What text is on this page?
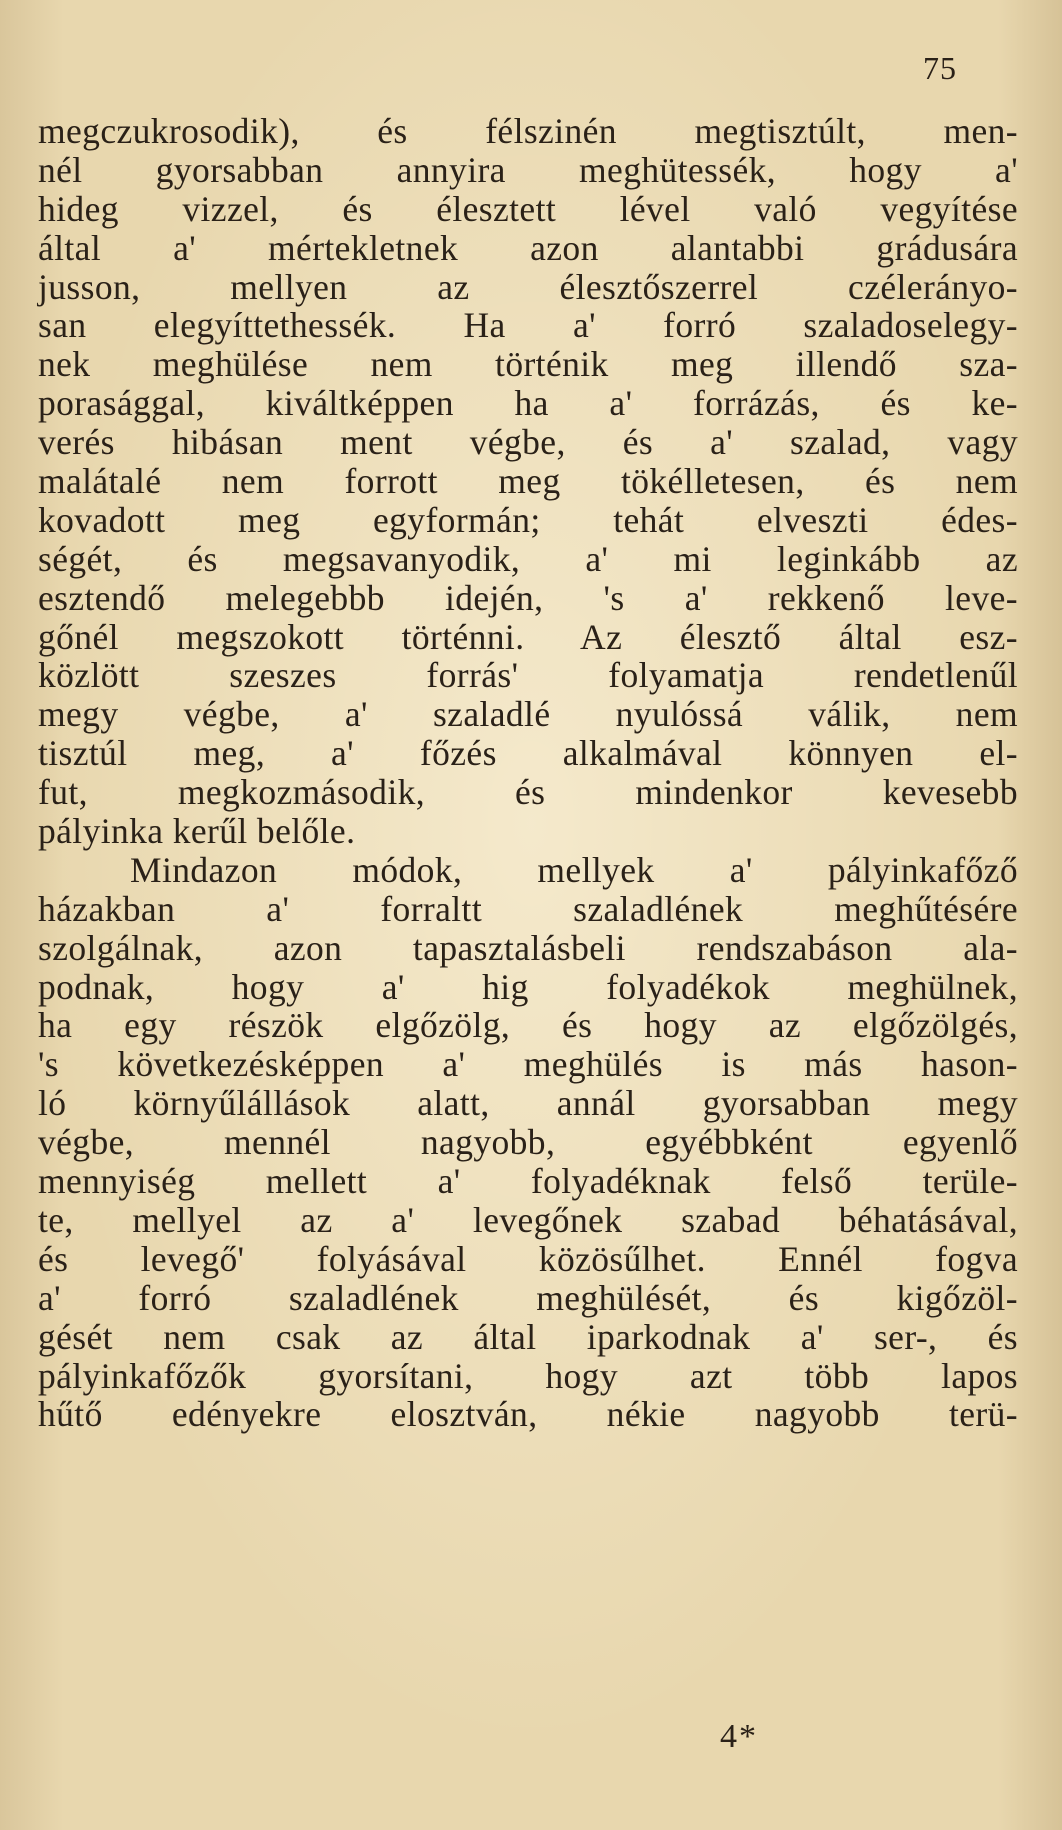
75
megczukrosodik), és félszinén megtisztúlt, men-
nél gyorsabban annyira meghütessék, hogy a'
hideg vizzel, és élesztett lével való vegyítése
által a' mértekletnek azon alantabbi grádusára
jusson, mellyen az élesztőszerrel czélerányo-
san elegyíttethessék. Ha a' forró szaladoselegy-
nek meghülése nem történik meg illendő sza-
porasággal, kiváltképpen ha a' forrázás, és ke-
verés hibásan ment végbe, és a' szalad, vagy
malátalé nem forrott meg tökélletesen, és nem
kovadott meg egyformán; tehát elveszti édes-
ségét, és megsavanyodik, a' mi leginkább az
esztendő melegebbb idején, 's a' rekkenő leve-
gőnél megszokott történni. Az élesztő által esz-
közlött szeszes forrás' folyamatja rendetlenűl
megy végbe, a' szaladlé nyulóssá válik, nem
tisztúl meg, a' főzés alkalmával könnyen el-
fut, megkozmásodik, és mindenkor kevesebb
pályinka kerűl belőle.
Mindazon módok, mellyek a' pályinkafőző
házakban a' forraltt szaladlének meghűtésére
szolgálnak, azon tapasztalásbeli rendszabáson ala-
podnak, hogy a' hig folyadékok meghülnek,
ha egy részök elgőzölg, és hogy az elgőzölgés,
's következésképpen a' meghülés is más hason-
ló környűlállások alatt, annál gyorsabban megy
végbe, mennél nagyobb, egyébbként egyenlő
mennyiség mellett a' folyadéknak felső terüle-
te, mellyel az a' levegőnek szabad béhatásával,
és levegő' folyásával közösűlhet. Ennél fogva
a' forró szaladlének meghülését, és kigőzöl-
gését nem csak az által iparkodnak a' ser-, és
pályinkafőzők gyorsítani, hogy azt több lapos
hűtő edényekre elosztván, nékie nagyobb terü-
4*
